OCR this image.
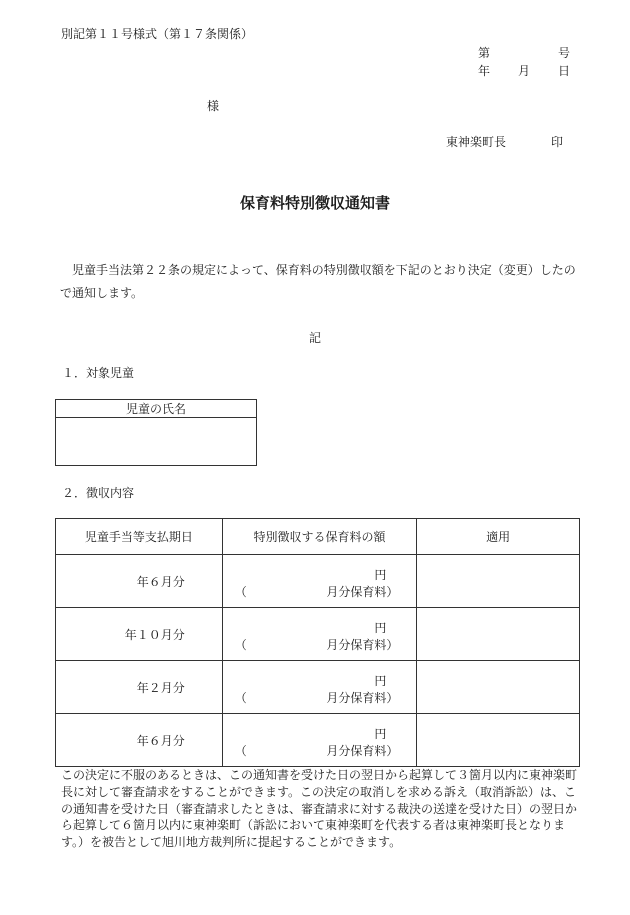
別記第１１号様式（第１７条関係）
第	号
年 月 日
様
東神楽町長	印
保育料特別徴収通知書
児童手当法第２２条の規定によって、保育料の特別徴収額を下記のとおり決定（変更）したので通知します。
記
１．対象児童
児童の氏名

２．徴収内容
児童手当等支払期日	特別徴収する保育料の額	適用
年６月分	円
（ 月分保育料）	

年１０月分	円
（ 月分保育料）	

年２月分	円
（ 月分保育料）	

年６月分	円
（ 月分保育料）	

この決定に不服のあるときは、この通知書を受けた日の翌日から起算して３箇月以内に東神楽町長に対して審査請求をすることができます。この決定の取消しを求める訴え（取消訴訟）は、この通知書を受けた日（審査請求したときは、審査請求に対する裁決の送達を受けた日）の翌日から起算して６箇月以内に東神楽町（訴訟において東神楽町を代表する者は東神楽町長となります。）を被告として旭川地方裁判所に提起することができます。
